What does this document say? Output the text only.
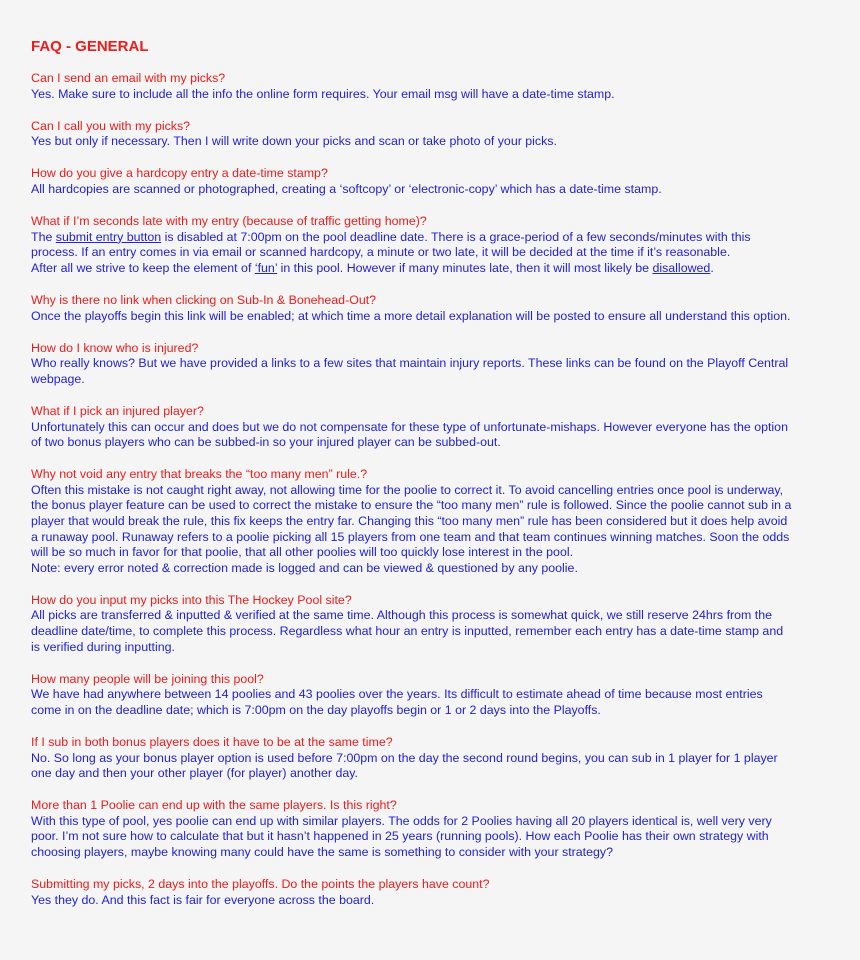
FAQ - GENERAL

Can I send an email with my picks?

Yes. Make sure to include all the info the online form requires. Your email msg will have a date-time stamp.

Can I call you with my picks?

Yes but only if necessary. Then I will write down your picks and scan or take photo of your picks.

How do you give a hardcopy entry a date-time stamp?

All hardcopies are scanned or photographed, creating a ‘softcopy’ or ‘electronic-copy’ which has a date-time stamp.

What if I’m seconds late with my entry (because of traffic getting home)?

The submit entry button is disabled at 7:00pm on the pool deadline date. There is a grace-period of a few seconds/minutes with this

process. If an entry comes in via email or scanned hardcopy, a minute or two late, it will be decided at the time if it’s reasonable.

After all we strive to keep the element of ‘fun’ in this pool. However if many minutes late, then it will most likely be disallowed.

Why is there no link when clicking on Sub-In & Bonehead-Out?

Once the playoffs begin this link will be enabled; at which time a more detail explanation will be posted to ensure all understand this option.

How do I know who is injured?

Who really knows? But we have provided a links to a few sites that maintain injury reports. These links can be found on the Playoff Central

webpage.

What if I pick an injured player?

Unfortunately this can occur and does but we do not compensate for these type of unfortunate-mishaps. However everyone has the option

of two bonus players who can be subbed-in so your injured player can be subbed-out.

Why not void any entry that breaks the “too many men” rule.?

Often this mistake is not caught right away, not allowing time for the poolie to correct it. To avoid cancelling entries once pool is underway,

the bonus player feature can be used to correct the mistake to ensure the “too many men” rule is followed. Since the poolie cannot sub in a

player that would break the rule, this fix keeps the entry far. Changing this “too many men” rule has been considered but it does help avoid

a runaway pool. Runaway refers to a poolie picking all 15 players from one team and that team continues winning matches. Soon the odds

will be so much in favor for that poolie, that all other poolies will too quickly lose interest in the pool.

Note: every error noted & correction made is logged and can be viewed & questioned by any poolie.

How do you input my picks into this The Hockey Pool site?

All picks are transferred & inputted & verified at the same time. Although this process is somewhat quick, we still reserve 24hrs from the

deadline date/time, to complete this process. Regardless what hour an entry is inputted, remember each entry has a date-time stamp and

is verified during inputting.

How many people will be joining this pool?

We have had anywhere between 14 poolies and 43 poolies over the years. Its difficult to estimate ahead of time because most entries

come in on the deadline date; which is 7:00pm on the day playoffs begin or 1 or 2 days into the Playoffs.

If I sub in both bonus players does it have to be at the same time?

No. So long as your bonus player option is used before 7:00pm on the day the second round begins, you can sub in 1 player for 1 player

one day and then your other player (for player) another day.

More than 1 Poolie can end up with the same players. Is this right?

With this type of pool, yes poolie can end up with similar players. The odds for 2 Poolies having all 20 players identical is, well very very

poor. I’m not sure how to calculate that but it hasn’t happened in 25 years (running pools). How each Poolie has their own strategy with

choosing players, maybe knowing many could have the same is something to consider with your strategy?

Submitting my picks, 2 days into the playoffs. Do the points the players have count?

Yes they do. And this fact is fair for everyone across the board.
